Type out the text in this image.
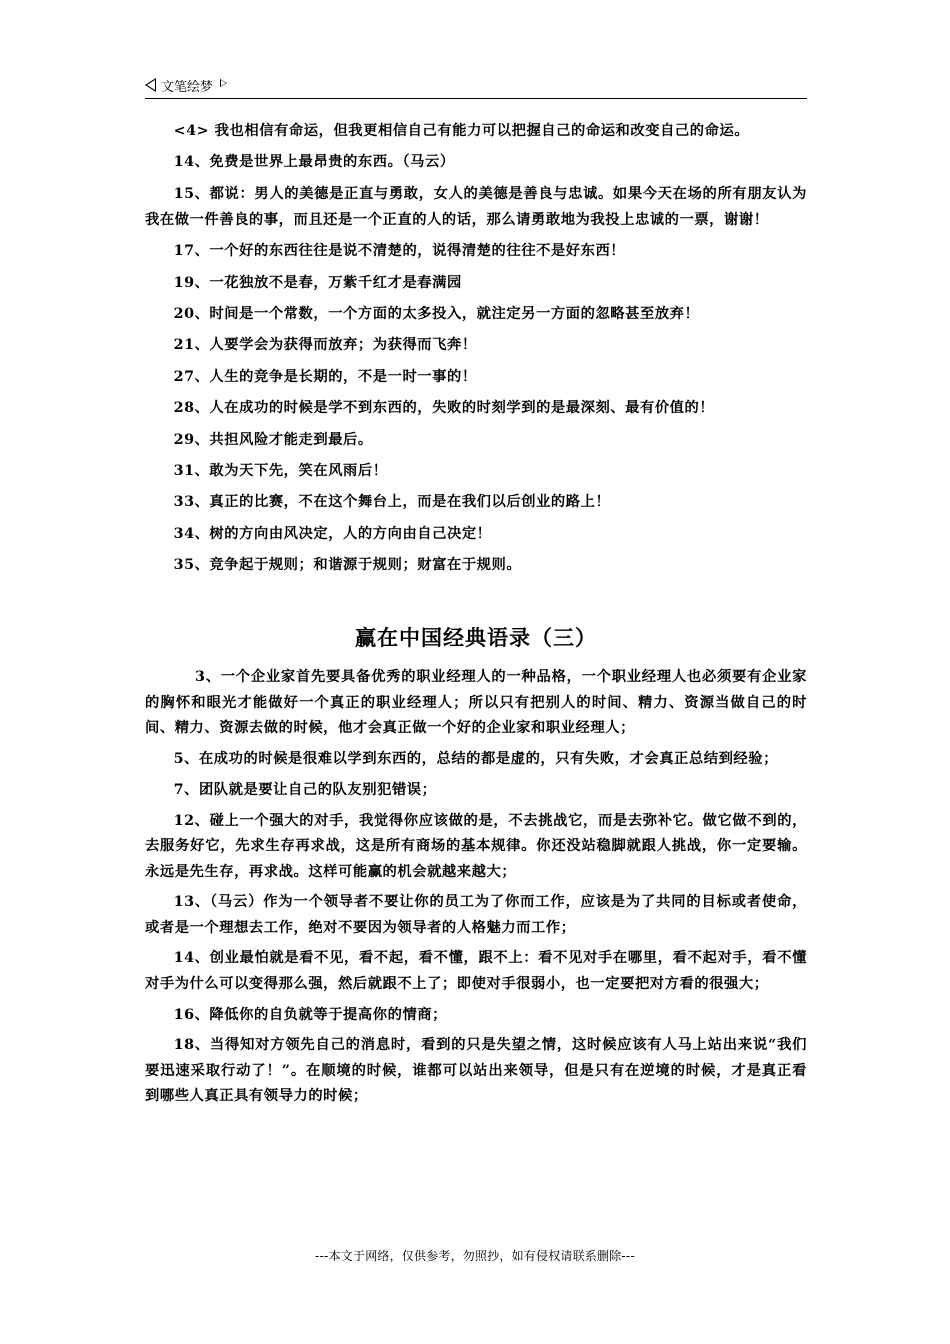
文笔绘梦

<4> 我也相信有命运，但我更相信自己有能力可以把握自己的命运和改变自己的命运。

14、免费是世界上最昂贵的东西。（马云）

15、都说：男人的美德是正直与勇敢，女人的美德是善良与忠诚。如果今天在场的所有朋友认为我在做一件善良的事，而且还是一个正直的人的话，那么请勇敢地为我投上忠诚的一票，谢谢！

17、一个好的东西往往是说不清楚的，说得清楚的往往不是好东西！

19、一花独放不是春，万紫千红才是春满园

20、时间是一个常数，一个方面的太多投入，就注定另一方面的忽略甚至放弃！

21、人要学会为获得而放弃；为获得而飞奔！

27、人生的竞争是长期的，不是一时一事的！

28、人在成功的时候是学不到东西的，失败的时刻学到的是最深刻、最有价值的！

29、共担风险才能走到最后。

31、敢为天下先，笑在风雨后！

33、真正的比赛，不在这个舞台上，而是在我们以后创业的路上！

34、树的方向由风决定，人的方向由自己决定！

35、竞争起于规则；和谐源于规则；财富在于规则。

赢在中国经典语录（三）

3、一个企业家首先要具备优秀的职业经理人的一种品格，一个职业经理人也必须要有企业家的胸怀和眼光才能做好一个真正的职业经理人；所以只有把别人的时间、精力、资源当做自己的时间、精力、资源去做的时候，他才会真正做一个好的企业家和职业经理人；

5、在成功的时候是很难以学到东西的，总结的都是虚的，只有失败，才会真正总结到经验；

7、团队就是要让自己的队友别犯错误；

12、碰上一个强大的对手，我觉得你应该做的是，不去挑战它，而是去弥补它。做它做不到的，去服务好它，先求生存再求战，这是所有商场的基本规律。你还没站稳脚就跟人挑战，你一定要输。永远是先生存，再求战。这样可能赢的机会就越来越大；

13、（马云）作为一个领导者不要让你的员工为了你而工作，应该是为了共同的目标或者使命，或者是一个理想去工作，绝对不要因为领导者的人格魅力而工作；

14、创业最怕就是看不见，看不起，看不懂，跟不上：看不见对手在哪里，看不起对手，看不懂对手为什么可以变得那么强，然后就跟不上了；即使对手很弱小，也一定要把对方看的很强大；

16、降低你的自负就等于提高你的情商；

18、当得知对方领先自己的消息时，看到的只是失望之情，这时候应该有人马上站出来说“我们要迅速采取行动了！”。在顺境的时候，谁都可以站出来领导，但是只有在逆境的时候，才是真正看到哪些人真正具有领导力的时候；

---本文于网络，仅供参考，勿照抄，如有侵权请联系删除---
